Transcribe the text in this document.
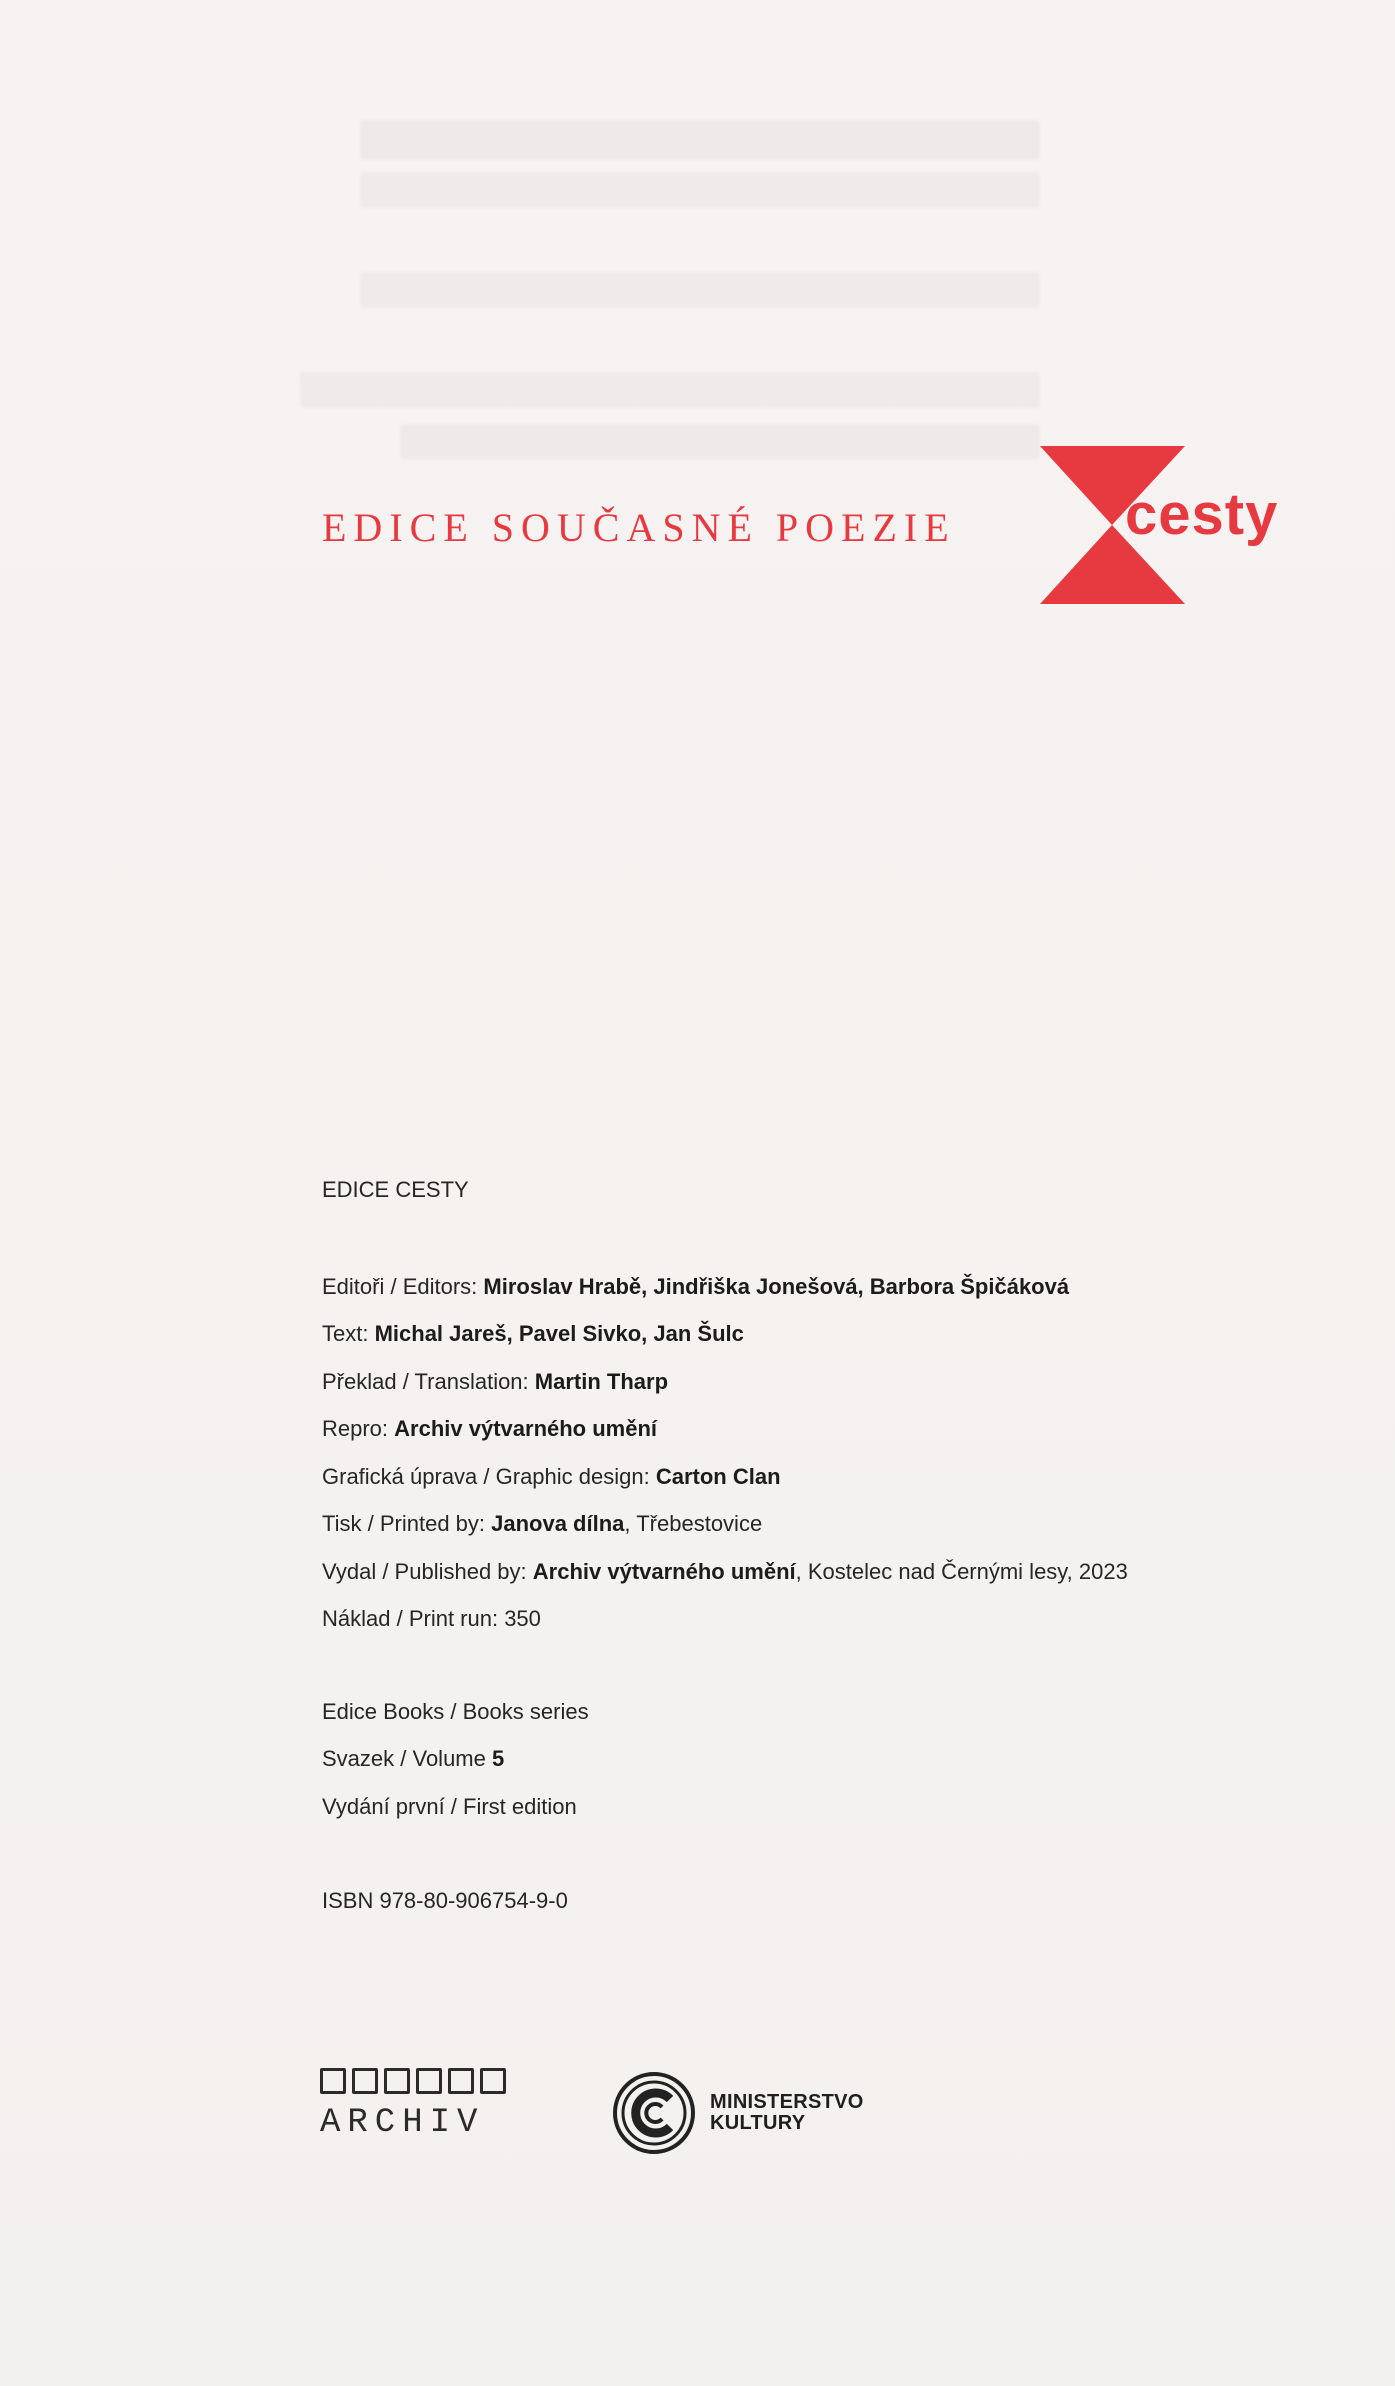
EDICE SOUČASNÉ POEZIE	cesty
EDICE CESTY
Editoři / Editors: Miroslav Hrabě, Jindřiška Jonešová, Barbora Špičáková
Text: Michal Jareš, Pavel Sivko, Jan Šulc
Překlad / Translation: Martin Tharp
Repro: Archiv výtvarného umění
Grafická úprava / Graphic design: Carton Clan
Tisk / Printed by: Janova dílna, Třebestovice
Vydal / Published by: Archiv výtvarného umění, Kostelec nad Černými lesy, 2023
Náklad / Print run: 350
Edice Books / Books series
Svazek / Volume 5
Vydání první / First edition
ISBN 978-80-906754-9-0
ARCHIV
MINISTERSTVO
KULTURY
